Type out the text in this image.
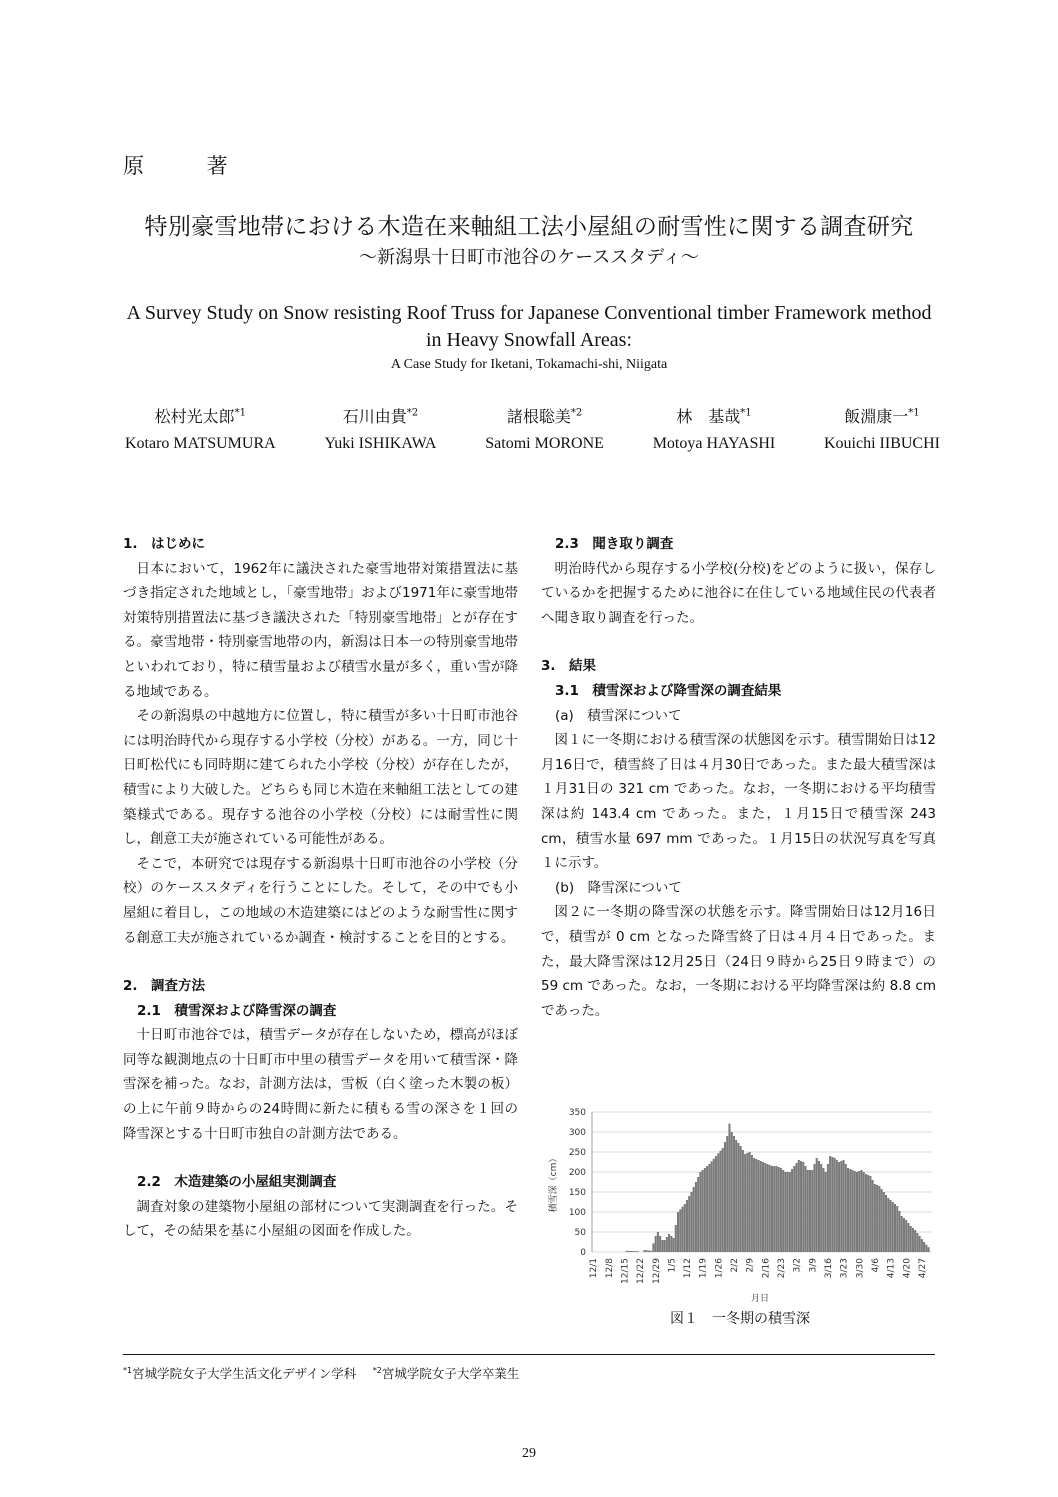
原 著
特別豪雪地帯における木造在来軸組工法小屋組の耐雪性に関する調査研究
～新潟県十日町市池谷のケーススタディ～
A Survey Study on Snow resisting Roof Truss for Japanese Conventional timber Framework method in Heavy Snowfall Areas:
A Case Study for Iketani, Tokamachi-shi, Niigata
松村光太郎$^{*1}$
Kotaro MATSUMURA
石川由貴$^{*2}$
Yuki ISHIKAWA
諸根聡美$^{*2}$
Satomi MORONE
林　基哉$^{*1}$
Motoya HAYASHI
飯淵康一$^{*1}$
Kouichi IIBUCHI
1.　はじめに

日本において，1962年に議決された豪雪地帯対策措置法に基づき指定された地域とし，「豪雪地帯」および1971年に豪雪地帯対策特別措置法に基づき議決された「特別豪雪地帯」とが存在する。豪雪地帯・特別豪雪地帯の内，新潟は日本一の特別豪雪地帯といわれており，特に積雪量および積雪水量が多く，重い雪が降る地域である。

その新潟県の中越地方に位置し，特に積雪が多い十日町市池谷には明治時代から現存する小学校（分校）がある。一方，同じ十日町松代にも同時期に建てられた小学校（分校）が存在したが，積雪により大破した。どちらも同じ木造在来軸組工法としての建築様式である。現存する池谷の小学校（分校）には耐雪性に関し，創意工夫が施されている可能性がある。

そこで，本研究では現存する新潟県十日町市池谷の小学校（分校）のケーススタディを行うことにした。そして，その中でも小屋組に着目し，この地域の木造建築にはどのような耐雪性に関する創意工夫が施されているか調査・検討することを目的とする。

2.　調査方法
2.1　積雪深および降雪深の調査

十日町市池谷では，積雪データが存在しないため，標高がほぼ同等な観測地点の十日町市中里の積雪データを用いて積雪深・降雪深を補った。なお，計測方法は，雪板（白く塗った木製の板）の上に午前９時からの24時間に新たに積もる雪の深さを１回の降雪深とする十日町市独自の計測方法である。

2.2　木造建築の小屋組実測調査

調査対象の建築物小屋組の部材について実測調査を行った。そして，その結果を基に小屋組の図面を作成した。

2.3　聞き取り調査

明治時代から現存する小学校(分校)をどのように扱い，保存しているかを把握するために池谷に在住している地域住民の代表者へ聞き取り調査を行った。

3.　結果
3.1　積雪深および降雪深の調査結果
(a)　積雪深について

図１に一冬期における積雪深の状態図を示す。積雪開始日は12月16日で，積雪終了日は４月30日であった。また最大積雪深は１月31日の 321 cm であった。なお，一冬期における平均積雪深は約 143.4 cm であった。また，１月15日で積雪深 243 cm，積雪水量 697 mm であった。１月15日の状況写真を写真１に示す。

(b)　降雪深について

図２に一冬期の降雪深の状態を示す。降雪開始日は12月16日で，積雪が 0 cm となった降雪終了日は４月４日であった。また，最大降雪深は12月25日（24日９時から25日９時まで）の 59 cm であった。なお，一冬期における平均降雪深は約 8.8 cm であった。

0
50
100
150
200
250
300
350
12/1 12/8 12/15 12/22 12/29 1/5 1/12 1/19 1/26 2/2 2/9 2/16 2/23 3/2 3/9 3/16 3/23 3/30 4/6 4/13 4/20 4/27
積雪深（cm）
月日
図１　一冬期の積雪深
$^{*1}$宮城学院女子大学生活文化デザイン学科　 $^{*2}$宮城学院女子大学卒業生
29
